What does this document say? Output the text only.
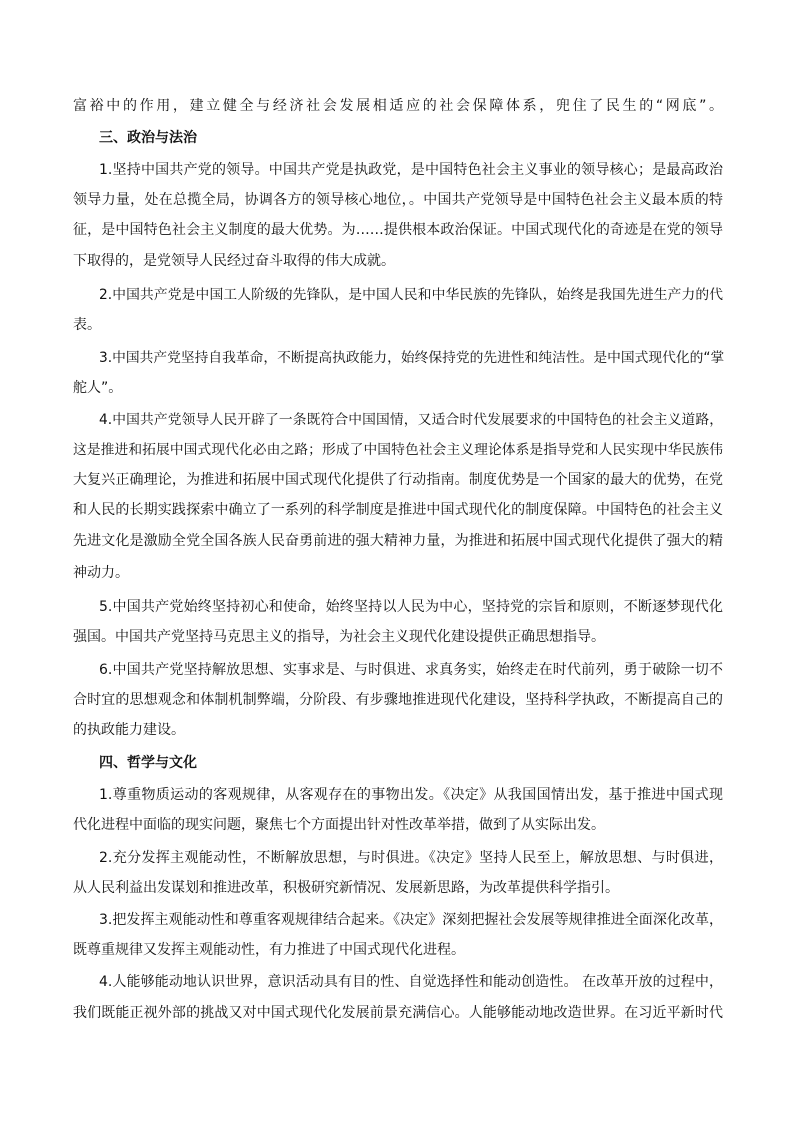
富裕中的作用，建立健全与经济社会发展相适应的社会保障体系，兜住了民生的“网底”。
三、政治与法治
1.坚持中国共产党的领导。中国共产党是执政党，是中国特色社会主义事业的领导核心；是最高政治
领导力量，处在总揽全局，协调各方的领导核心地位，。中国共产党领导是中国特色社会主义最本质的特
征，是中国特色社会主义制度的最大优势。为……提供根本政治保证。中国式现代化的奇迹是在党的领导
下取得的，是党领导人民经过奋斗取得的伟大成就。
2.中国共产党是中国工人阶级的先锋队，是中国人民和中华民族的先锋队，始终是我国先进生产力的代
表。
3.中国共产党坚持自我革命，不断提高执政能力，始终保持党的先进性和纯洁性。是中国式现代化的“掌
舵人”。
4.中国共产党领导人民开辟了一条既符合中国国情，又适合时代发展要求的中国特色的社会主义道路，
这是推进和拓展中国式现代化必由之路；形成了中国特色社会主义理论体系是指导党和人民实现中华民族伟
大复兴正确理论，为推进和拓展中国式现代化提供了行动指南。制度优势是一个国家的最大的优势，在党
和人民的长期实践探索中确立了一系列的科学制度是推进中国式现代化的制度保障。中国特色的社会主义
先进文化是激励全党全国各族人民奋勇前进的强大精神力量，为推进和拓展中国式现代化提供了强大的精
神动力。
5.中国共产党始终坚持初心和使命，始终坚持以人民为中心，坚持党的宗旨和原则，不断逐梦现代化
强国。中国共产党坚持马克思主义的指导，为社会主义现代化建设提供正确思想指导。
6.中国共产党坚持解放思想、实事求是、与时俱进、求真务实，始终走在时代前列，勇于破除一切不
合时宜的思想观念和体制机制弊端，分阶段、有步骤地推进现代化建设，坚持科学执政，不断提高自己的
的执政能力建设。
四、哲学与文化
1.尊重物质运动的客观规律，从客观存在的事物出发。《决定》从我国国情出发，基于推进中国式现
代化进程中面临的现实问题，聚焦七个方面提出针对性改革举措，做到了从实际出发。
2.充分发挥主观能动性，不断解放思想，与时俱进。《决定》坚持人民至上，解放思想、与时俱进，
从人民利益出发谋划和推进改革，积极研究新情况、发展新思路，为改革提供科学指引。
3.把发挥主观能动性和尊重客观规律结合起来。《决定》深刻把握社会发展等规律推进全面深化改革，
既尊重规律又发挥主观能动性，有力推进了中国式现代化进程。
4.人能够能动地认识世界，意识活动具有目的性、自觉选择性和能动创造性。 在改革开放的过程中，
我们既能正视外部的挑战又对中国式现代化发展前景充满信心。人能够能动地改造世界。在习近平新时代
